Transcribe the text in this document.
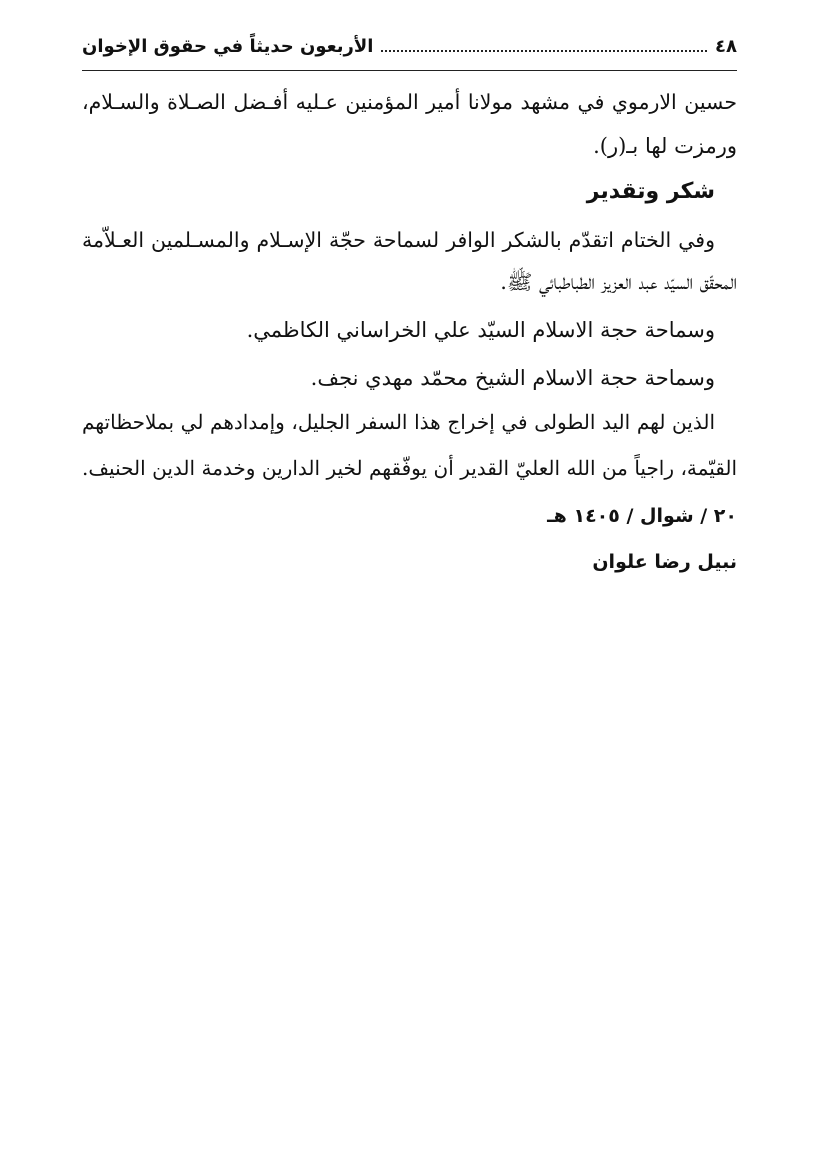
٤٨
الأربعون حديثاً في حقوق الإخوان
حسين الارموي في مشهد مولانا أمير المؤمنين عـليه أفـضل الصـلاة والسـلام،
ورمزت لها بـ(ر).
شكر وتقدير
وفي الختام اتقدّم بالشكر الوافر لسماحة حجّة الإسـلام والمسـلمين العـلاّمة
المحقّق السيّد عبد العزيز الطباطبائي ﷺ.
وسماحة حجة الاسلام السيّد علي الخراساني الكاظمي.
وسماحة حجة الاسلام الشيخ محمّد مهدي نجف.
الذين لهم اليد الطولى في إخراج هذا السفر الجليل، وإمدادهم لي بملاحظاتهم
القيّمة، راجياً من الله العليّ القدير أن يوفّقهم لخير الدارين وخدمة الدين الحنيف.
٢٠ / شوال / ١٤٠٥ هـ
نبيل رضا علوان
